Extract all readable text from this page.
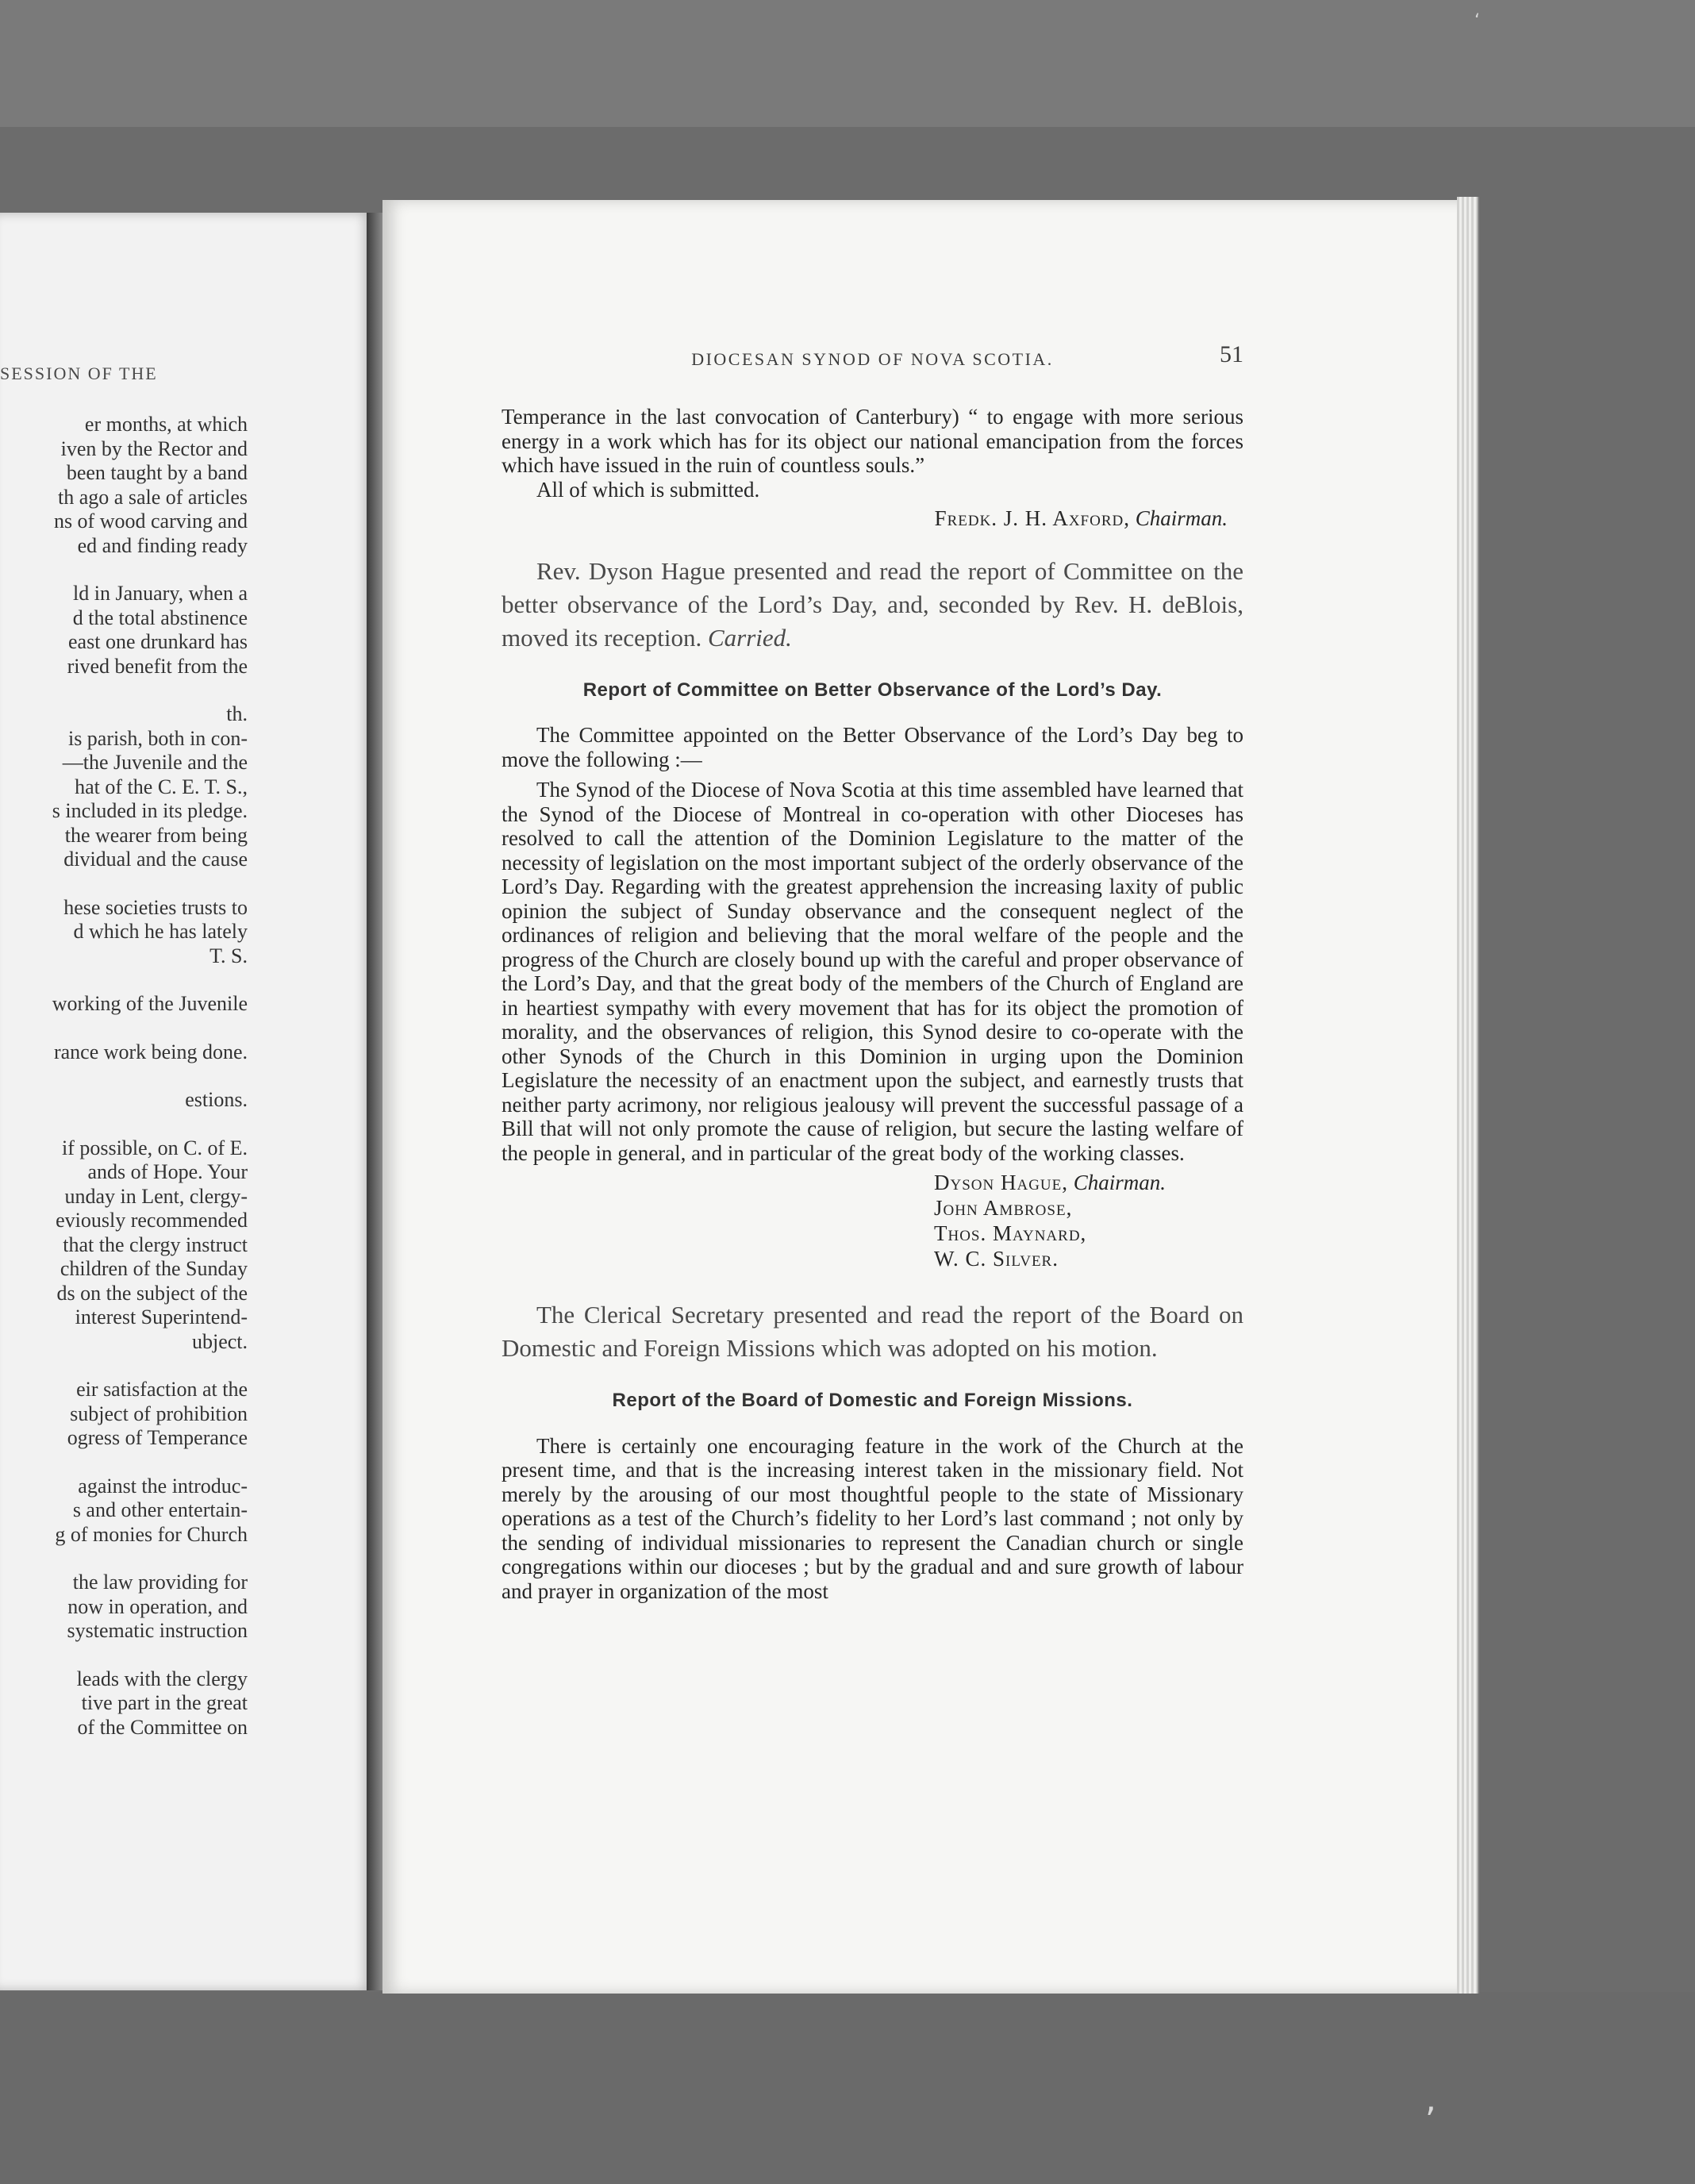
‘
,
SESSION OF THE
er months, at which
iven by the Rector and
been taught by a band
th ago a sale of articles
ns of wood carving and
ed and finding ready
ld in January, when a
d the total abstinence
east one drunkard has
rived benefit from the
th.
is parish, both in con-
—the Juvenile and the
hat of the C. E. T. S.,
s included in its pledge.
the wearer from being
dividual and the cause
hese societies trusts to
d which he has lately
T. S.
working of the Juvenile
rance work being done.
estions.
if possible, on C. of E.
ands of Hope. Your
unday in Lent, clergy-
eviously recommended
that the clergy instruct
children of the Sunday
ds on the subject of the
interest Superintend-
ubject.
eir satisfaction at the
subject of prohibition
ogress of Temperance
against the introduc-
s and other entertain-
g of monies for Church
the law providing for
now in operation, and
systematic instruction
leads with the clergy
tive part in the great
of the Committee on
DIOCESAN SYNOD OF NOVA SCOTIA.	51

Temperance in the last convocation of Canterbury) “ to engage with more serious energy in a work which has for its object our national emancipation from the forces which have issued in the ruin of countless souls.”

All of which is submitted.

Fredk. J. H. Axford, Chairman.

Rev. Dyson Hague presented and read the report of Committee on the better observance of the Lord’s Day, and, seconded by Rev. H. deBlois, moved its reception. Carried.

Report of Committee on Better Observance of the Lord’s Day.

The Committee appointed on the Better Observance of the Lord’s Day beg to move the following :—

The Synod of the Diocese of Nova Scotia at this time assembled have learned that the Synod of the Diocese of Montreal in co-operation with other Dioceses has resolved to call the attention of the Dominion Legislature to the matter of the necessity of legislation on the most important subject of the orderly observance of the Lord’s Day. Regarding with the greatest apprehension the increasing laxity of public opinion the subject of Sunday observance and the consequent neglect of the ordinances of religion and believing that the moral welfare of the people and the progress of the Church are closely bound up with the careful and proper observance of the Lord’s Day, and that the great body of the members of the Church of England are in heartiest sympathy with every movement that has for its object the promotion of morality, and the observances of religion, this Synod desire to co-operate with the other Synods of the Church in this Dominion in urging upon the Dominion Legislature the necessity of an enactment upon the subject, and earnestly trusts that neither party acrimony, nor religious jealousy will prevent the successful passage of a Bill that will not only promote the cause of religion, but secure the lasting welfare of the people in general, and in particular of the great body of the working classes.

Dyson Hague, Chairman.
John Ambrose,
Thos. Maynard,
W. C. Silver.

The Clerical Secretary presented and read the report of the Board on Domestic and Foreign Missions which was adopted on his motion.

Report of the Board of Domestic and Foreign Missions.

There is certainly one encouraging feature in the work of the Church at the present time, and that is the increasing interest taken in the missionary field. Not merely by the arousing of our most thoughtful people to the state of Missionary operations as a test of the Church’s fidelity to her Lord’s last command ; not only by the sending of individual missionaries to represent the Canadian church or single congregations within our dioceses ; but by the gradual and and sure growth of labour and prayer in organization of the most
